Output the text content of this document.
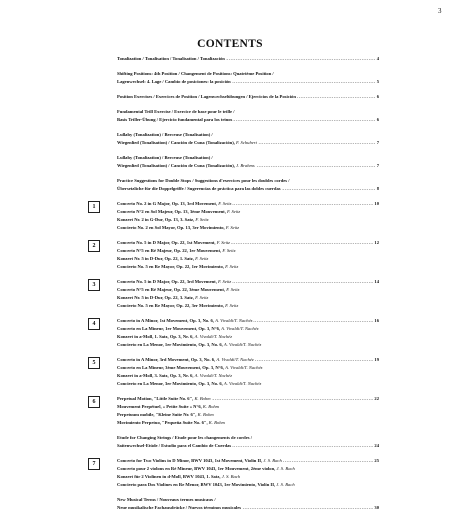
3
CONTENTS
..... Tonalization / Tonalisation / Tonalisation / Tonalización	4
Shifting Positions: 4th Position / Changement de Positions: Quatrième Position /
..... Lagenwechsel: 4. Lage / Cambio de posiciones: la posición	5
..... Position Exercises / Exercices de Position / Lagenwechselübungen / Ejercicios de la Posición	6
Fundamental Trill Exercise / Exercice de base pour le trille /
..... Basis Triller-Übung / Ejercicio fundamental para los trinos	6
Lullaby (Tonalization) / Berceuse (Tonalisation) /
..... Wiegenlied (Tonalisation) / Canción de Cuna (Tonalización), F. Schubert	7
Lullaby (Tonalization) / Berceuse (Tonalisation) /
..... Wiegenlied (Tonalisation) / Canción de Cuna (Tonalización), J. Brahms	7
Practice Suggestions for Double Stops / Suggestions d'exercices pour les doubles cordes /
..... Übersetzliche für die Doppelgriffe / Sugerencias de práctica para las dobles cuerdas	8
1
..... Concerto No. 2 in G Major, Op. 13, 3rd Movement, F. Seitz	10
Concerto N°2 en Sol Majeur, Op. 13, 3ème Mouvement, F. Seitz
Konzert Nr. 2 in G-Dur, Op. 13, 3. Satz, F. Seitz
Concierto No. 2 en Sol Mayor, Op. 13, 3er Movimiento, F. Seitz
2
..... Concerto No. 5 in D Major, Op. 22, 1st Movement, F. Seitz	12
Concerto N°5 en Ré Majeur, Op. 22, 1er Mouvement, F. Seitz
Konzert Nr. 5 in D-Dur, Op. 22, 1. Satz, F. Seitz
Concierto No. 5 en Re Mayor, Op. 22, 1er Movimiento, F. Seitz
3
..... Concerto No. 5 in D Major, Op. 22, 3rd Movement, F. Seitz	14
Concerto N°5 en Ré Majeur, Op. 22, 3ème Mouvement, F. Seitz
Konzert Nr. 5 in D-Dur, Op. 22, 3. Satz, F. Seitz
Concierto No. 5 en Re Mayor, Op. 22, 3er Movimiento, F. Seitz
4
..... Concerto in A Minor, 1st Movement, Op. 3, No. 6, A. Vivaldi/T. Nachéz	16
Concerto en La Mineur, 1er Mouvement, Op. 3, N°6, A. Vivaldi/T. Nachéz
Konzert in a-Moll, 1. Satz, Op. 3, Nr. 6, A. Vivaldi/T. Nachéz
Concierto en La Menor, 1er Movimiento, Op. 3, No. 6, A. Vivaldi/T. Nachéz
5
..... Concerto in A Minor, 3rd Movement, Op. 3, No. 6, A. Vivaldi/T. Nachéz	19
Concerto en La Mineur, 3ème Mouvement, Op. 3, N°6, A. Vivaldi/T. Nachéz
Konzert in a-Moll, 3. Satz, Op. 3, Nr. 6, A. Vivaldi/T. Nachéz
Concierto en La Menor, 3er Movimiento, Op. 3, No. 6, A. Vivaldi/T. Nachéz
6
..... Perpetual Motion, "Little Suite No. 6", K. Bohm	22
Mouvement Perpétuel, « Petite Suite » N°6, K. Bohm
Perpetuum mobile, "Kleine Suite Nr. 6", K. Bohm
Movimiento Perpetuo, "Pequeña Suite No. 6", K. Bohm
Etude for Changing Strings / Etude pour les changements de cordes /
..... Saitenwechsel-Etüde / Estudio para el Cambio de Cuerdas	24
7
..... Concerto for Two Violins in D Minor, BWV 1043, 1st Movement, Violin II, J. S. Bach	25
Concerto pour 2 violons en Ré Mineur, BWV 1043, 1er Mouvement, 2ème violon, J. S. Bach
Konzert für 2 Violinen in d-Moll, BWV 1043, 1. Satz, J. S. Bach
Concierto para Dos Violines en Re Menor, BWV 1043, 1er Movimiento, Violín II, J. S. Bach
New Musical Terms / Nouveaux termes musicaux /
..... Neue musikalische Fachausdrücke / Nuevos términos musicales	30
